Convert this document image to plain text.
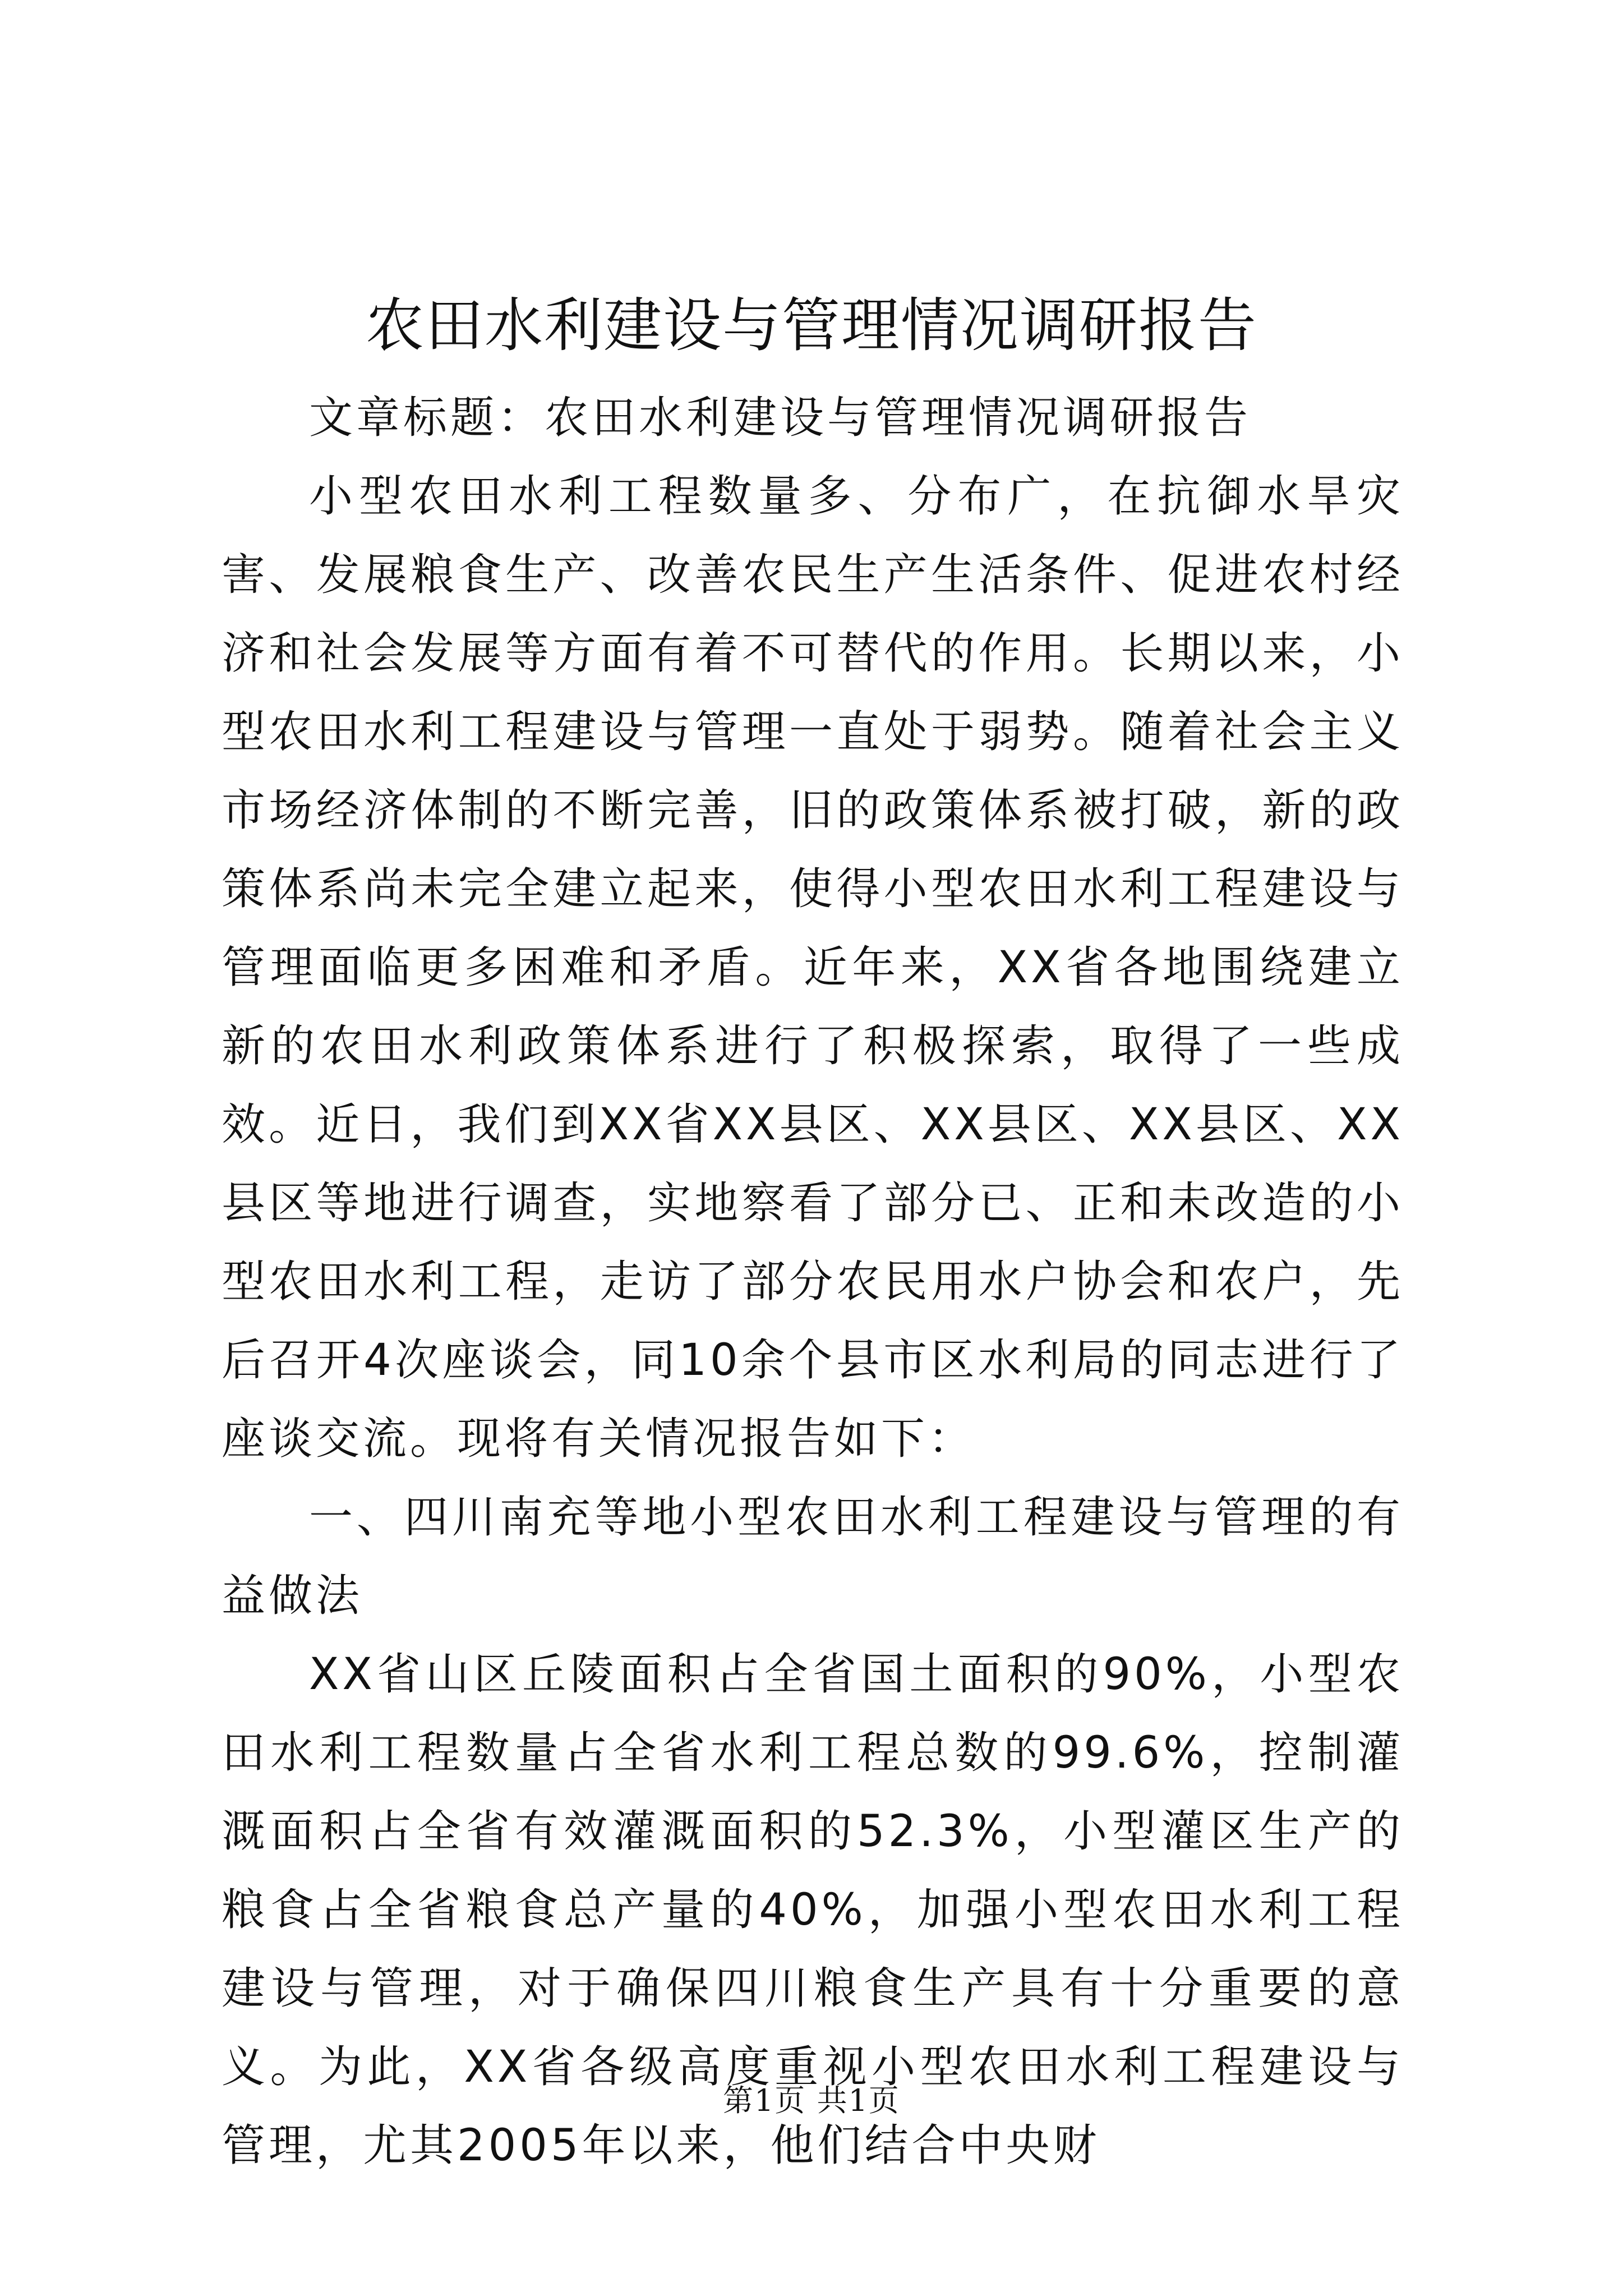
农田水利建设与管理情况调研报告

文章标题：农田水利建设与管理情况调研报告

小型农田水利工程数量多、分布广，在抗御水旱灾害、发展粮食生产、改善农民生产生活条件、促进农村经济和社会发展等方面有着不可替代的作用。长期以来，小型农田水利工程建设与管理一直处于弱势。随着社会主义市场经济体制的不断完善，旧的政策体系被打破，新的政策体系尚未完全建立起来，使得小型农田水利工程建设与管理面临更多困难和矛盾。近年来，XX省各地围绕建立新的农田水利政策体系进行了积极探索，取得了一些成效。近日，我们到XX省XX县区、XX县区、XX县区、XX县区等地进行调查，实地察看了部分已、正和未改造的小型农田水利工程，走访了部分农民用水户协会和农户，先后召开4次座谈会，同10余个县市区水利局的同志进行了座谈交流。现将有关情况报告如下：

一、四川南充等地小型农田水利工程建设与管理的有益做法

XX省山区丘陵面积占全省国土面积的90%，小型农田水利工程数量占全省水利工程总数的99.6%，控制灌溉面积占全省有效灌溉面积的52.3%，小型灌区生产的粮食占全省粮食总产量的40%，加强小型农田水利工程建设与管理，对于确保四川粮食生产具有十分重要的意义。为此，XX省各级高度重视小型农田水利工程建设与管理，尤其2005年以来，他们结合中央财

第1页 共1页
